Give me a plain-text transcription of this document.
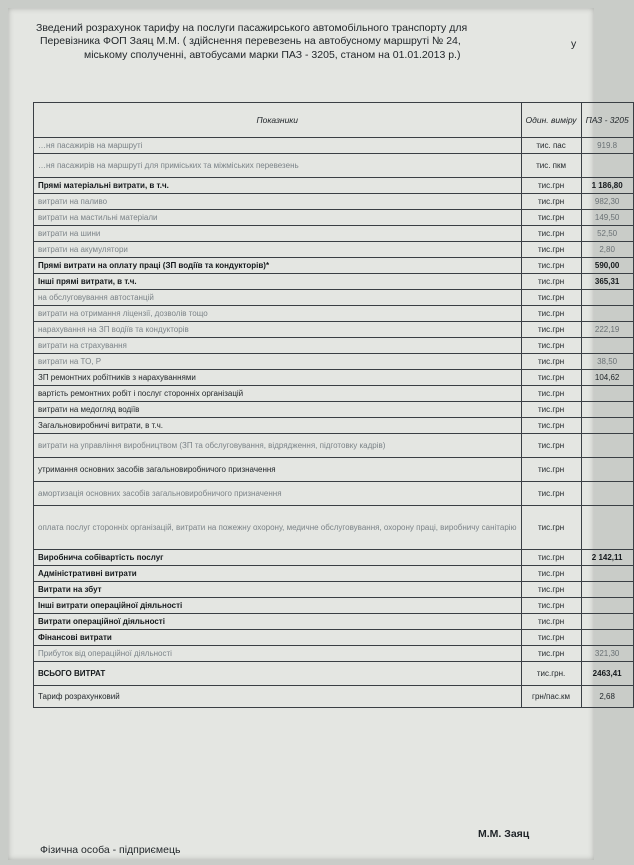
Зведений розрахунок тарифу на послуги пасажирського автомобільного транспорту для
Перевізника ФОП Заяц М.М. ( здійснення перевезень на автобусному маршруті № 24,	у
міському сполученні, автобусами марки ПАЗ - 3205, станом на 01.01.2013 р.)
Показники	Один. виміру	ПАЗ - 3205
…ня пасажирів на маршруті	тис. пас	919.8
…ня пасажирів на маршруті для приміських та міжміських перевезень	тис. пкм	
Прямі матеріальні витрати, в т.ч.	тис.грн	1 186,80
витрати на паливо	тис.грн	982,30
витрати на мастильні матеріали	тис.грн	149,50
витрати на шини	тис.грн	52,50
витрати на акумулятори	тис.грн	2,80
Прямі витрати на оплату праці (ЗП водіїв та кондукторів)*	тис.грн	590,00
Інші прямі витрати, в т.ч.	тис.грн	365,31
на обслуговування автостанцій	тис.грн	
витрати на отримання ліцензії, дозволів тощо	тис.грн	
нарахування на ЗП водіїв та кондукторів	тис.грн	222,19
витрати на страхування	тис.грн	
витрати на ТО, Р	тис.грн	38,50
ЗП ремонтних робітників з нарахуваннями	тис.грн	104,62
вартість ремонтних робіт і послуг сторонніх організацій	тис.грн	
витрати на медогляд водіїв	тис.грн	
Загальновиробничі витрати, в т.ч.	тис.грн	
витрати на управління виробництвом (ЗП та обслуговування, відрядження, підготовку кадрів)	тис.грн	
утримання основних засобів загальновиробничого призначення	тис.грн	
амортизація основних засобів загальновиробничого призначення	тис.грн	
оплата послуг сторонніх організацій, витрати на пожежну охорону, медичне обслуговування, охорону праці, виробничу санітарію	тис.грн	
Виробнича собівартість послуг	тис.грн	2 142,11
Адміністративні витрати	тис.грн	
Витрати на збут	тис.грн	
Інші витрати операційної діяльності	тис.грн	
Витрати операційної діяльності	тис.грн	
Фінансові витрати	тис.грн	
Прибуток від операційної діяльності	тис.грн	321,30
ВСЬОГО ВИТРАТ	тис.грн.	2463,41
Тариф розрахунковий	грн/пас.км	2,68
Фізична особа - підприємець
М.М. Заяц
